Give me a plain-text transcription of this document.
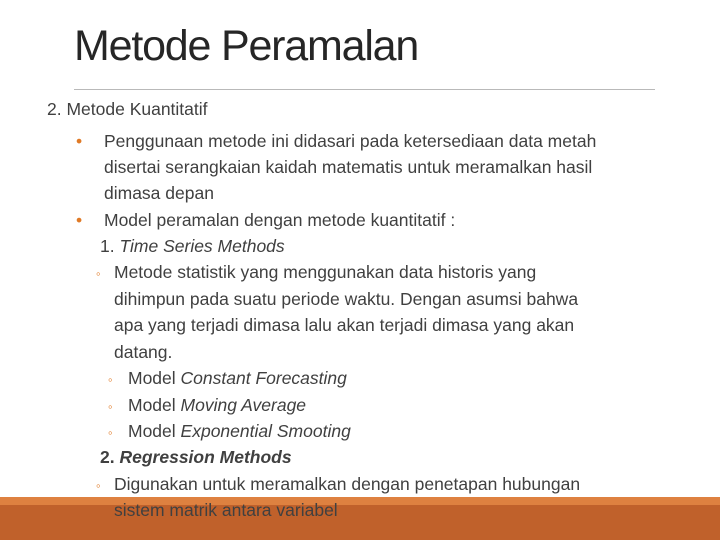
Metode Peramalan
2. Metode Kuantitatif
• Penggunaan metode ini didasari pada ketersediaan data metah
disertai serangkaian kaidah matematis untuk meramalkan hasil
dimasa depan
• Model peramalan dengan metode kuantitatif :
1. Time Series Methods
◦ Metode statistik yang menggunakan data historis yang
dihimpun pada suatu periode waktu. Dengan asumsi bahwa
apa yang terjadi dimasa lalu akan terjadi dimasa yang akan
datang.
◦ Model Constant Forecasting
◦ Model Moving Average
◦ Model Exponential Smooting
2. Regression Methods
◦ Digunakan untuk meramalkan dengan penetapan hubungan
sistem matrik antara variabel
